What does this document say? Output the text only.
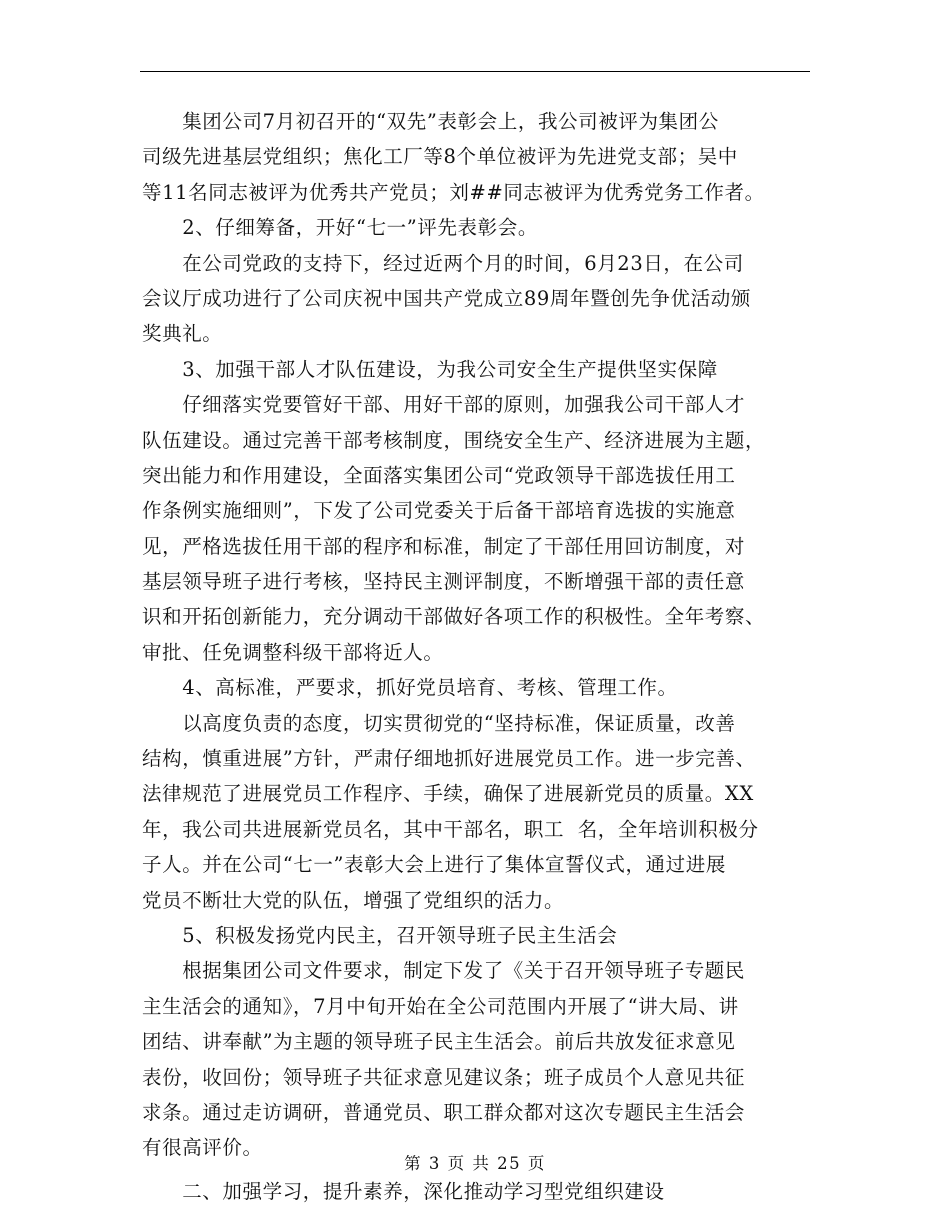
　　集团公司7月初召开的“双先”表彰会上，我公司被评为集团公
司级先进基层党组织；焦化工厂等8个单位被评为先进党支部；吴中
等11名同志被评为优秀共产党员；刘##同志被评为优秀党务工作者。
　　2、仔细筹备，开好“七一”评先表彰会。
　　在公司党政的支持下，经过近两个月的时间，6月23日，在公司
会议厅成功进行了公司庆祝中国共产党成立89周年暨创先争优活动颁
奖典礼。
　　3、加强干部人才队伍建设，为我公司安全生产提供坚实保障
　　仔细落实党要管好干部、用好干部的原则，加强我公司干部人才
队伍建设。通过完善干部考核制度，围绕安全生产、经济进展为主题，
突出能力和作用建设，全面落实集团公司“党政领导干部选拔任用工
作条例实施细则”，下发了公司党委关于后备干部培育选拔的实施意
见，严格选拔任用干部的程序和标准，制定了干部任用回访制度，对
基层领导班子进行考核，坚持民主测评制度，不断增强干部的责任意
识和开拓创新能力，充分调动干部做好各项工作的积极性。全年考察、
审批、任免调整科级干部将近人。
　　4、高标准，严要求，抓好党员培育、考核、管理工作。
　　以高度负责的态度，切实贯彻党的“坚持标准，保证质量，改善
结构，慎重进展”方针，严肃仔细地抓好进展党员工作。进一步完善、
法律规范了进展党员工作程序、手续，确保了进展新党员的质量。XX
年，我公司共进展新党员名，其中干部名，职工  名，全年培训积极分
子人。并在公司“七一”表彰大会上进行了集体宣誓仪式，通过进展
党员不断壮大党的队伍，增强了党组织的活力。
　　5、积极发扬党内民主，召开领导班子民主生活会
　　根据集团公司文件要求，制定下发了《关于召开领导班子专题民
主生活会的通知》，7月中旬开始在全公司范围内开展了“讲大局、讲
团结、讲奉献”为主题的领导班子民主生活会。前后共放发征求意见
表份，收回份；领导班子共征求意见建议条；班子成员个人意见共征
求条。通过走访调研，普通党员、职工群众都对这次专题民主生活会
有很高评价。
　　二、加强学习，提升素养，深化推动学习型党组织建设
第 3 页 共 25 页
